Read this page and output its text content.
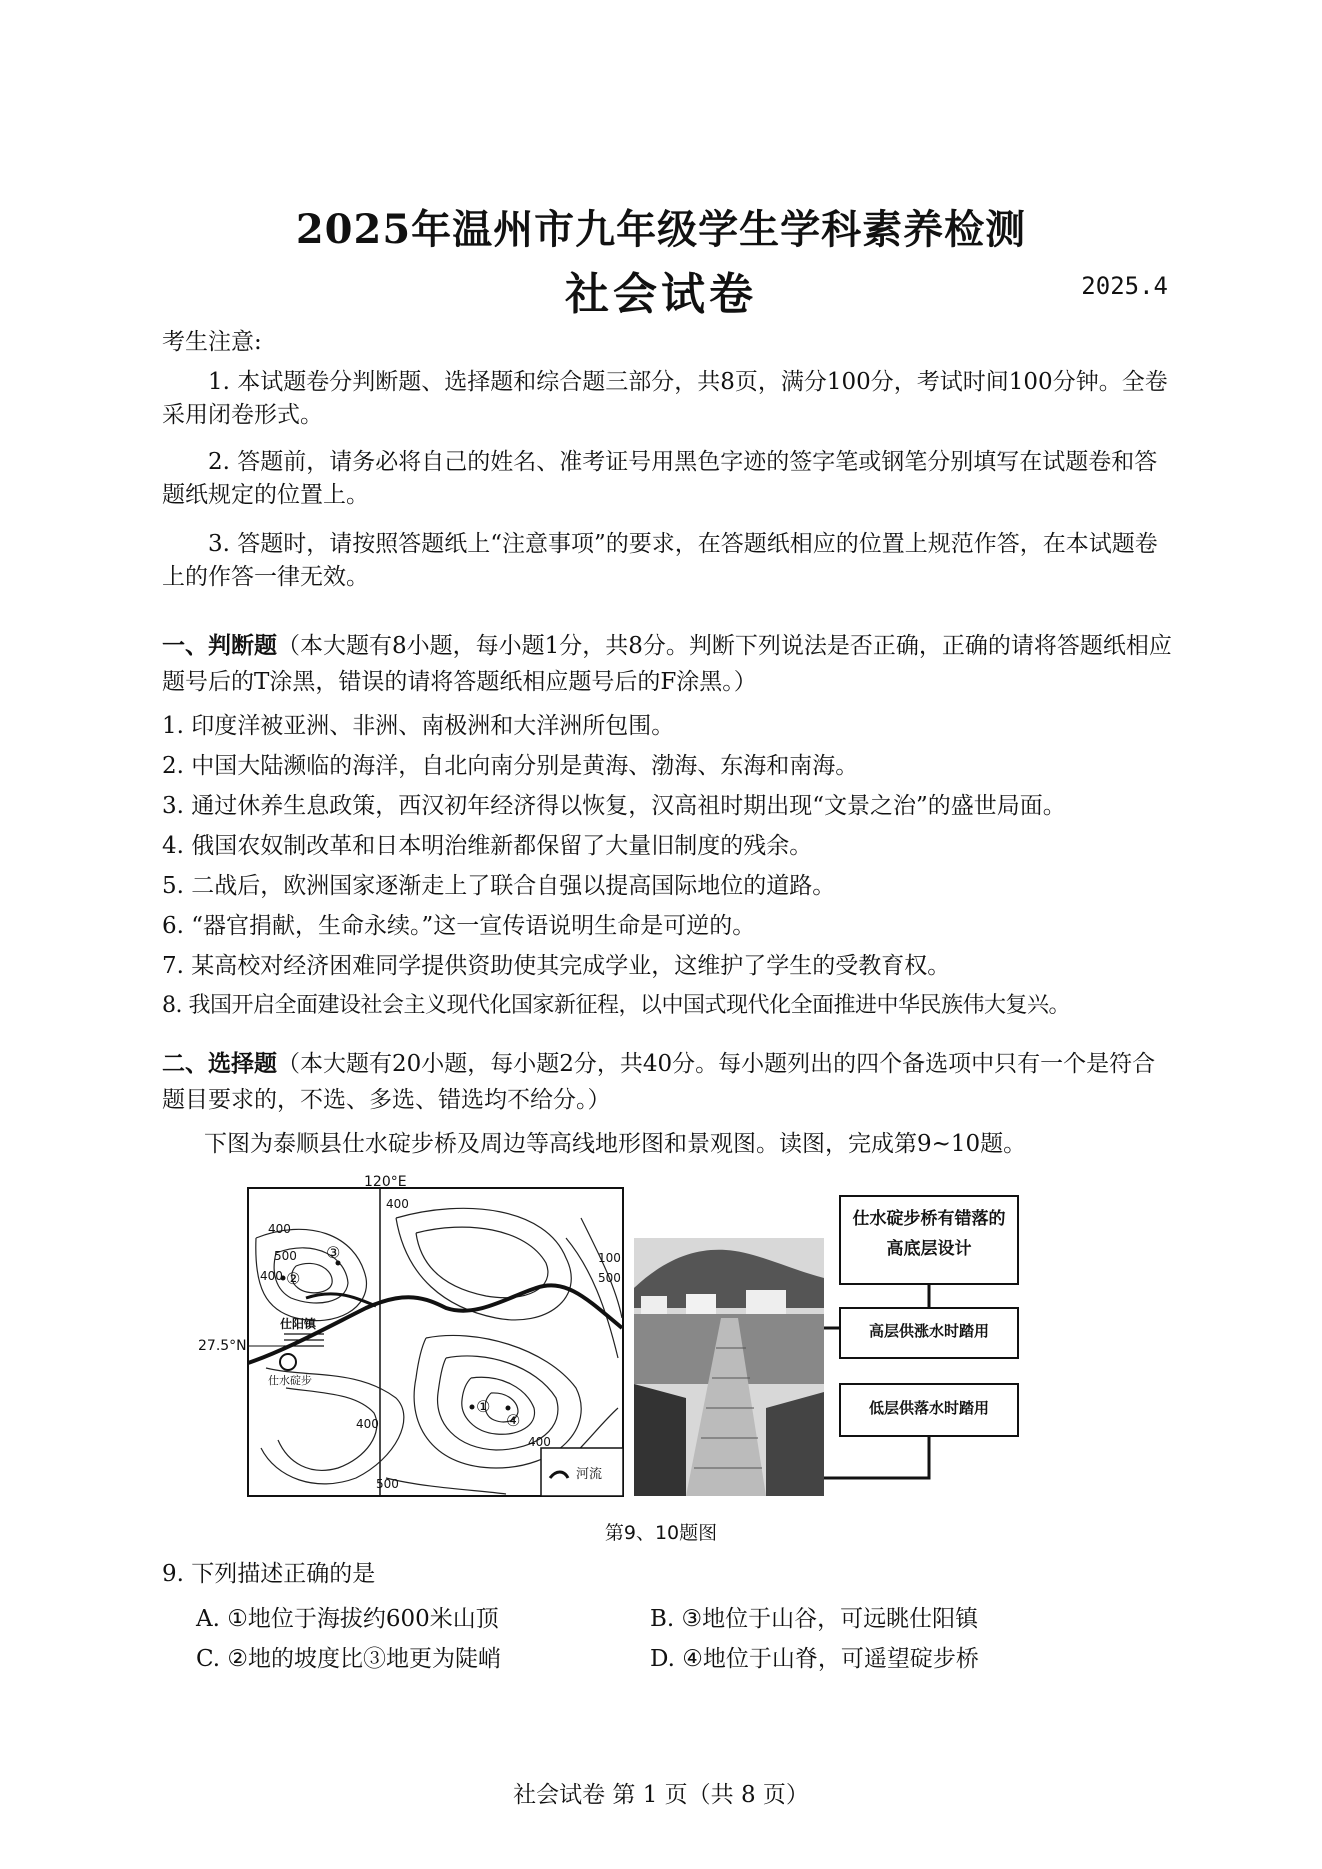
2025年温州市九年级学生学科素养检测
社会试卷	2025.4
考生注意:
1. 本试题卷分判断题、选择题和综合题三部分，共8页，满分100分，考试时间100分钟。全卷采用闭卷形式。
2. 答题前，请务必将自己的姓名、准考证号用黑色字迹的签字笔或钢笔分别填写在试题卷和答题纸规定的位置上。
3. 答题时，请按照答题纸上“注意事项”的要求，在答题纸相应的位置上规范作答，在本试题卷上的作答一律无效。
一、判断题（本大题有8小题，每小题1分，共8分。判断下列说法是否正确，正确的请将答题纸相应题号后的T涂黑，错误的请将答题纸相应题号后的F涂黑。）
1. 印度洋被亚洲、非洲、南极洲和大洋洲所包围。
2. 中国大陆濒临的海洋，自北向南分别是黄海、渤海、东海和南海。
3. 通过休养生息政策，西汉初年经济得以恢复，汉高祖时期出现“文景之治”的盛世局面。
4. 俄国农奴制改革和日本明治维新都保留了大量旧制度的残余。
5. 二战后，欧洲国家逐渐走上了联合自强以提高国际地位的道路。
6. “器官捐献，生命永续。”这一宣传语说明生命是可逆的。
7. 某高校对经济困难同学提供资助使其完成学业，这维护了学生的受教育权。
8. 我国开启全面建设社会主义现代化国家新征程，以中国式现代化全面推进中华民族伟大复兴。
二、选择题（本大题有20小题，每小题2分，共40分。每小题列出的四个备选项中只有一个是符合题目要求的，不选、多选、错选均不给分。）
下图为泰顺县仕水碇步桥及周边等高线地形图和景观图。读图，完成第9~10题。
120°E
27.5°N
仕阳镇
仕水碇步
河流
400
400
400
400
400
500
500
500
100
③
②
①
④
仕水碇步桥有错落的高底层设计
高层供涨水时踏用
低层供落水时踏用
第9、10题图
9. 下列描述正确的是
A. ①地位于海拔约600米山顶	B. ③地位于山谷，可远眺仕阳镇
C. ②地的坡度比③地更为陡峭	D. ④地位于山脊，可遥望碇步桥
社会试卷 第 1 页（共 8 页）
